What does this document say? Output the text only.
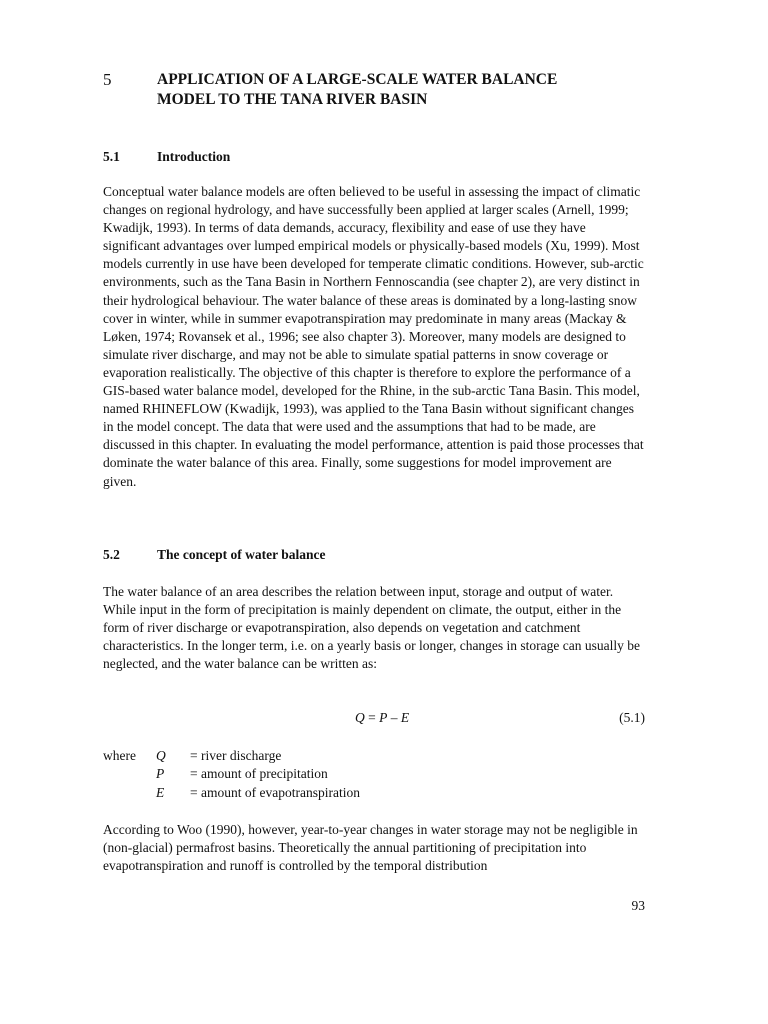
5	APPLICATION OF A LARGE-SCALE WATER BALANCE
MODEL TO THE TANA RIVER BASIN
5.1	Introduction

Conceptual water balance models are often believed to be useful in assessing the impact of climatic changes on regional hydrology, and have successfully been applied at larger scales (Arnell, 1999; Kwadijk, 1993). In terms of data demands, accuracy, flexibility and ease of use they have significant advantages over lumped empirical models or physically-based models (Xu, 1999). Most models currently in use have been developed for temperate climatic conditions. However, sub-arctic environments, such as the Tana Basin in Northern Fennoscandia (see chapter 2), are very distinct in their hydrological behaviour. The water balance of these areas is dominated by a long-lasting snow cover in winter, while in summer evapotranspiration may predominate in many areas (Mackay & Løken, 1974; Rovansek et al., 1996; see also chapter 3). Moreover, many models are designed to simulate river discharge, and may not be able to simulate spatial patterns in snow coverage or evaporation realistically. The objective of this chapter is therefore to explore the performance of a GIS-based water balance model, developed for the Rhine, in the sub-arctic Tana Basin. This model, named RHINEFLOW (Kwadijk, 1993), was applied to the Tana Basin without significant changes in the model concept. The data that were used and the assumptions that had to be made, are discussed in this chapter. In evaluating the model performance, attention is paid those processes that dominate the water balance of this area. Finally, some suggestions for model improvement are given.

5.2	The concept of water balance

The water balance of an area describes the relation between input, storage and output of water. While input in the form of precipitation is mainly dependent on climate, the output, either in the form of river discharge or evapotranspiration, also depends on vegetation and catchment characteristics. In the longer term, i.e. on a yearly basis or longer, changes in storage can usually be neglected, and the water balance can be written as:

Q = P – E	(5.1)
where Q = river discharge
P = amount of precipitation
E = amount of evapotranspiration

According to Woo (1990), however, year-to-year changes in water storage may not be negligible in (non-glacial) permafrost basins. Theoretically the annual partitioning of precipitation into evapotranspiration and runoff is controlled by the temporal distribution

93
